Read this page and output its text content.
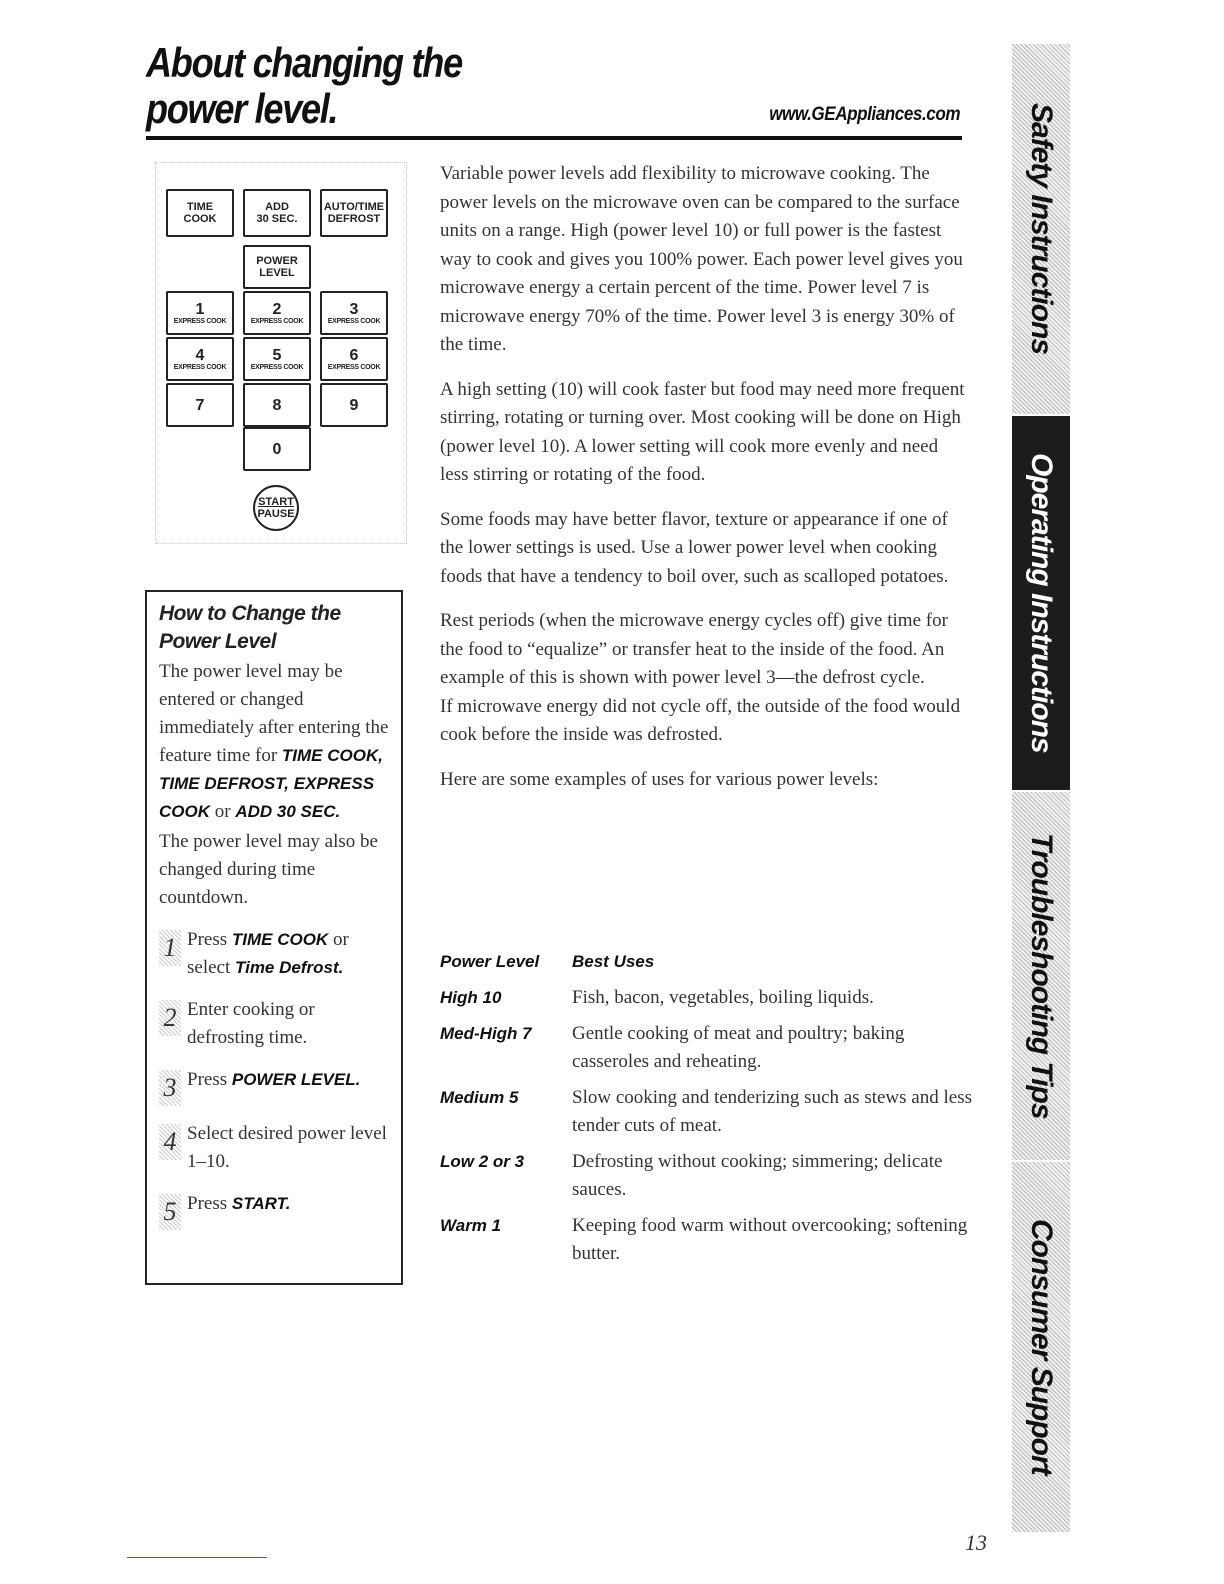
About changing the
power level.	www.GEAppliances.com
TIME
COOK
ADD
30 SEC.
AUTO/TIME
DEFROST
POWER
LEVEL
1
EXPRESS COOK
2
EXPRESS COOK
3
EXPRESS COOK
4
EXPRESS COOK
5
EXPRESS COOK
6
EXPRESS COOK
7	8	9
0
START
PAUSE
How to Change the Power Level

The power level may be entered or changed immediately after entering the feature time for TIME COOK, TIME DEFROST, EXPRESS COOK or ADD 30 SEC.

The power level may also be changed during time countdown.

1 Press TIME COOK or select Time Defrost.
2 Enter cooking or defrosting time.
3 Press POWER LEVEL.
4 Select desired power level 1–10.
5 Press START.

Variable power levels add flexibility to microwave cooking. The power levels on the microwave oven can be compared to the surface units on a range. High (power level 10) or full power is the fastest way to cook and gives you 100% power. Each power level gives you microwave energy a certain percent of the time. Power level 7 is microwave energy 70% of the time. Power level 3 is energy 30% of the time.

A high setting (10) will cook faster but food may need more frequent stirring, rotating or turning over. Most cooking will be done on High (power level 10). A lower setting will cook more evenly and need less stirring or rotating of the food.

Some foods may have better flavor, texture or appearance if one of the lower settings is used. Use a lower power level when cooking foods that have a tendency to boil over, such as scalloped potatoes.

Rest periods (when the microwave energy cycles off) give time for the food to “equalize” or transfer heat to the inside of the food. An example of this is shown with power level 3—the defrost cycle.

If microwave energy did not cycle off, the outside of the food would cook before the inside was defrosted.

Here are some examples of uses for various power levels:

Power Level	Best Uses
High 10	Fish, bacon, vegetables, boiling liquids.
Med-High 7	Gentle cooking of meat and poultry; baking casseroles and reheating.
Medium 5	Slow cooking and tenderizing such as stews and less tender cuts of meat.
Low 2 or 3	Defrosting without cooking; simmering; delicate sauces.
Warm 1	Keeping food warm without overcooking; softening butter.
Safety Instructions
Operating Instructions
Troubleshooting Tips
Consumer Support
13
